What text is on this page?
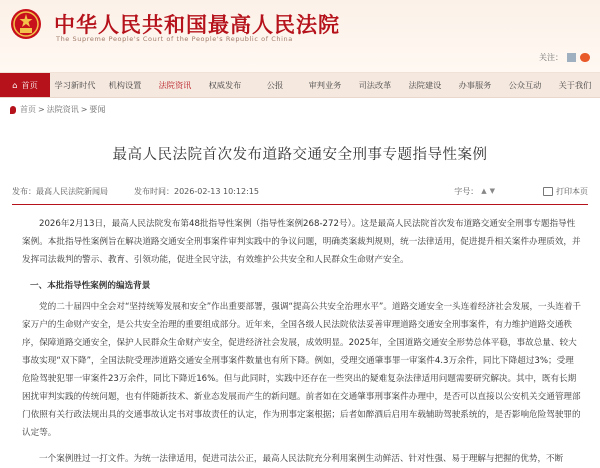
中华人民共和国最高人民法院
The Supreme People's Court of the People's Republic of China
关注：
⌂ 首页	学习新时代	机构设置	法院资讯	权威发布	公报	审判业务	司法改革	法院建设	办事服务	公众互动	关于我们
首页 > 法院资讯 > 要闻
最高人民法院首次发布道路交通安全刑事专题指导性案例
发布：最高人民法院新闻局	发布时间：2026-02-13 10:12:15	字号： ▲ ▼	打印本页
2026年2月13日，最高人民法院发布第48批指导性案例（指导性案例268-272号）。这是最高人民法院首次发布道路交通安全刑事专题指导性案例。本批指导性案例旨在解决道路交通安全刑事案件审判实践中的争议问题，明确类案裁判规则，统一法律适用，促进提升相关案件办理质效，并发挥司法裁判的警示、教育、引领功能，促进全民守法，有效维护公共安全和人民群众生命财产安全。
一、本批指导性案例的编选背景
党的二十届四中全会对“坚持统筹发展和安全”作出重要部署，强调“提高公共安全治理水平”。道路交通安全一头连着经济社会发展，一头连着千家万户的生命财产安全，是公共安全治理的重要组成部分。近年来，全国各级人民法院依法妥善审理道路交通安全刑事案件，有力维护道路交通秩序，保障道路交通安全，保护人民群众生命财产安全，促进经济社会发展，成效明显。2025年，全国道路交通安全形势总体平稳，事故总量、较大事故实现“双下降”，全国法院受理涉道路交通安全刑事案件数量也有所下降。例如，受理交通肇事罪一审案件4.3万余件，同比下降超过3%；受理危险驾驶犯罪一审案件23万余件，同比下降近16%。但与此同时，实践中还存在一些突出的疑难复杂法律适用问题需要研究解决。其中，既有长期困扰审判实践的传统问题，也有伴随新技术、新业态发展而产生的新问题。前者如在交通肇事刑事案件办理中，是否可以直接以公安机关交通管理部门依照有关行政法规出具的交通事故认定书对事故责任的认定，作为刑事定案根据；后者如醉酒后启用车载辅助驾驶系统的，是否影响危险驾驶罪的认定等。
一个案例胜过一打文件。为统一法律适用，促进司法公正，最高人民法院充分利用案例生动鲜活、针对性强、易于理解与把握的优势，不断
